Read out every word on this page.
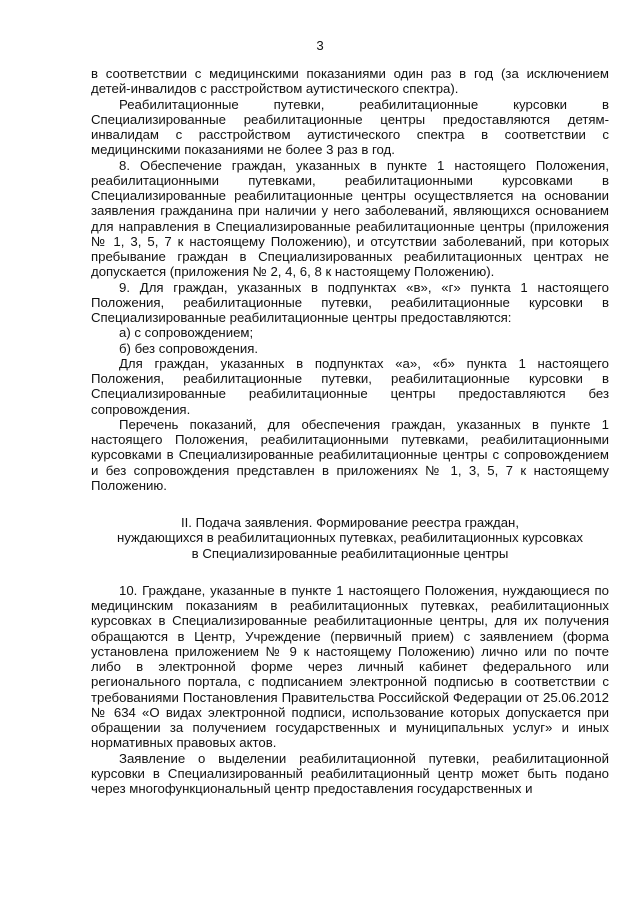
3

в соответствии с медицинскими показаниями один раз в год (за исключением детей-инвалидов с расстройством аутистического спектра).

Реабилитационные путевки, реабилитационные курсовки в Специализированные реабилитационные центры предоставляются детям-инвалидам с расстройством аутистического спектра в соответствии с медицинскими показаниями не более 3 раз в год.

8. Обеспечение граждан, указанных в пункте 1 настоящего Положения, реабилитационными путевками, реабилитационными курсовками в Специализированные реабилитационные центры осуществляется на основании заявления гражданина при наличии у него заболеваний, являющихся основанием для направления в Специализированные реабилитационные центры (приложения № 1, 3, 5, 7 к настоящему Положению), и отсутствии заболеваний, при которых пребывание граждан в Специализированных реабилитационных центрах не допускается (приложения № 2, 4, 6, 8 к настоящему Положению).

9. Для граждан, указанных в подпунктах «в», «г» пункта 1 настоящего Положения, реабилитационные путевки, реабилитационные курсовки в Специализированные реабилитационные центры предоставляются:

а) с сопровождением;

б) без сопровождения.

Для граждан, указанных в подпунктах «а», «б» пункта 1 настоящего Положения, реабилитационные путевки, реабилитационные курсовки в Специализированные реабилитационные центры предоставляются без сопровождения.

Перечень показаний, для обеспечения граждан, указанных в пункте 1 настоящего Положения, реабилитационными путевками, реабилитационными курсовками в Специализированные реабилитационные центры с сопровождением и без сопровождения представлен в приложениях № 1, 3, 5, 7 к настоящему Положению.

II. Подача заявления. Формирование реестра граждан,
нуждающихся в реабилитационных путевках, реабилитационных курсовках
в Специализированные реабилитационные центры

10. Граждане, указанные в пункте 1 настоящего Положения, нуждающиеся по медицинским показаниям в реабилитационных путевках, реабилитационных курсовках в Специализированные реабилитационные центры, для их получения обращаются в Центр, Учреждение (первичный прием) с заявлением (форма установлена приложением № 9 к настоящему Положению) лично или по почте либо в электронной форме через личный кабинет федерального или регионального портала, с подписанием электронной подписью в соответствии с требованиями Постановления Правительства Российской Федерации от 25.06.2012 № 634 «О видах электронной подписи, использование которых допускается при обращении за получением государственных и муниципальных услуг» и иных нормативных правовых актов.

Заявление о выделении реабилитационной путевки, реабилитационной курсовки в Специализированный реабилитационный центр может быть подано через многофункциональный центр предоставления государственных и
